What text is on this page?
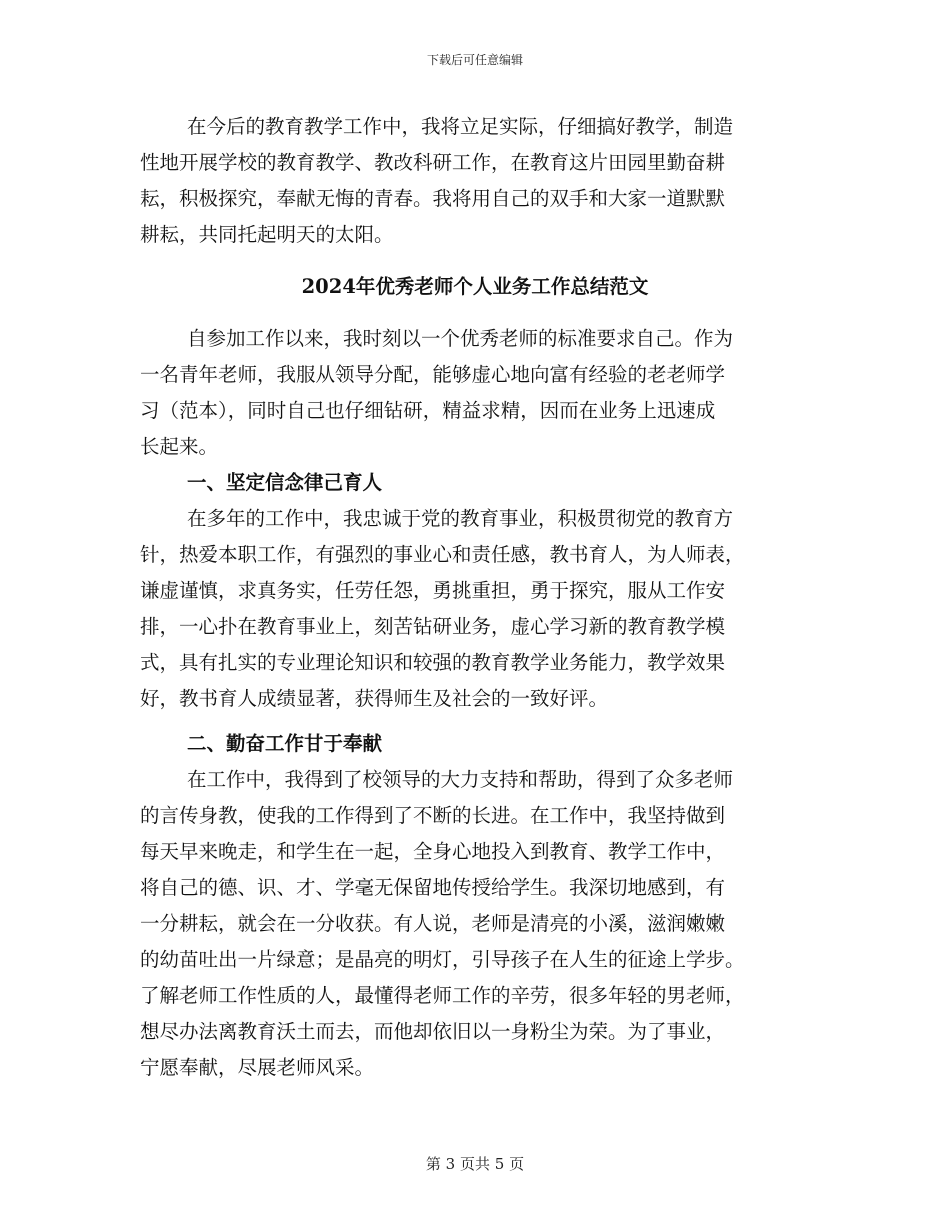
下载后可任意编辑
在今后的教育教学工作中，我将立足实际，仔细搞好教学，制造
性地开展学校的教育教学、教改科研工作，在教育这片田园里勤奋耕
耘，积极探究，奉献无悔的青春。我将用自己的双手和大家一道默默
耕耘，共同托起明天的太阳。
2024年优秀老师个人业务工作总结范文
自参加工作以来，我时刻以一个优秀老师的标准要求自己。作为
一名青年老师，我服从领导分配，能够虚心地向富有经验的老老师学
习（范本），同时自己也仔细钻研，精益求精，因而在业务上迅速成
长起来。
一、坚定信念律己育人
在多年的工作中，我忠诚于党的教育事业，积极贯彻党的教育方
针，热爱本职工作，有强烈的事业心和责任感，教书育人，为人师表，
谦虚谨慎，求真务实，任劳任怨，勇挑重担，勇于探究，服从工作安
排，一心扑在教育事业上，刻苦钻研业务，虚心学习新的教育教学模
式，具有扎实的专业理论知识和较强的教育教学业务能力，教学效果
好，教书育人成绩显著，获得师生及社会的一致好评。
二、勤奋工作甘于奉献
在工作中，我得到了校领导的大力支持和帮助，得到了众多老师
的言传身教，使我的工作得到了不断的长进。在工作中，我坚持做到
每天早来晚走，和学生在一起，全身心地投入到教育、教学工作中，
将自己的德、识、才、学毫无保留地传授给学生。我深切地感到，有
一分耕耘，就会在一分收获。有人说，老师是清亮的小溪，滋润嫩嫩
的幼苗吐出一片绿意；是晶亮的明灯，引导孩子在人生的征途上学步。
了解老师工作性质的人，最懂得老师工作的辛劳，很多年轻的男老师，
想尽办法离教育沃土而去，而他却依旧以一身粉尘为荣。为了事业，
宁愿奉献，尽展老师风采。
第 3 页共 5 页
